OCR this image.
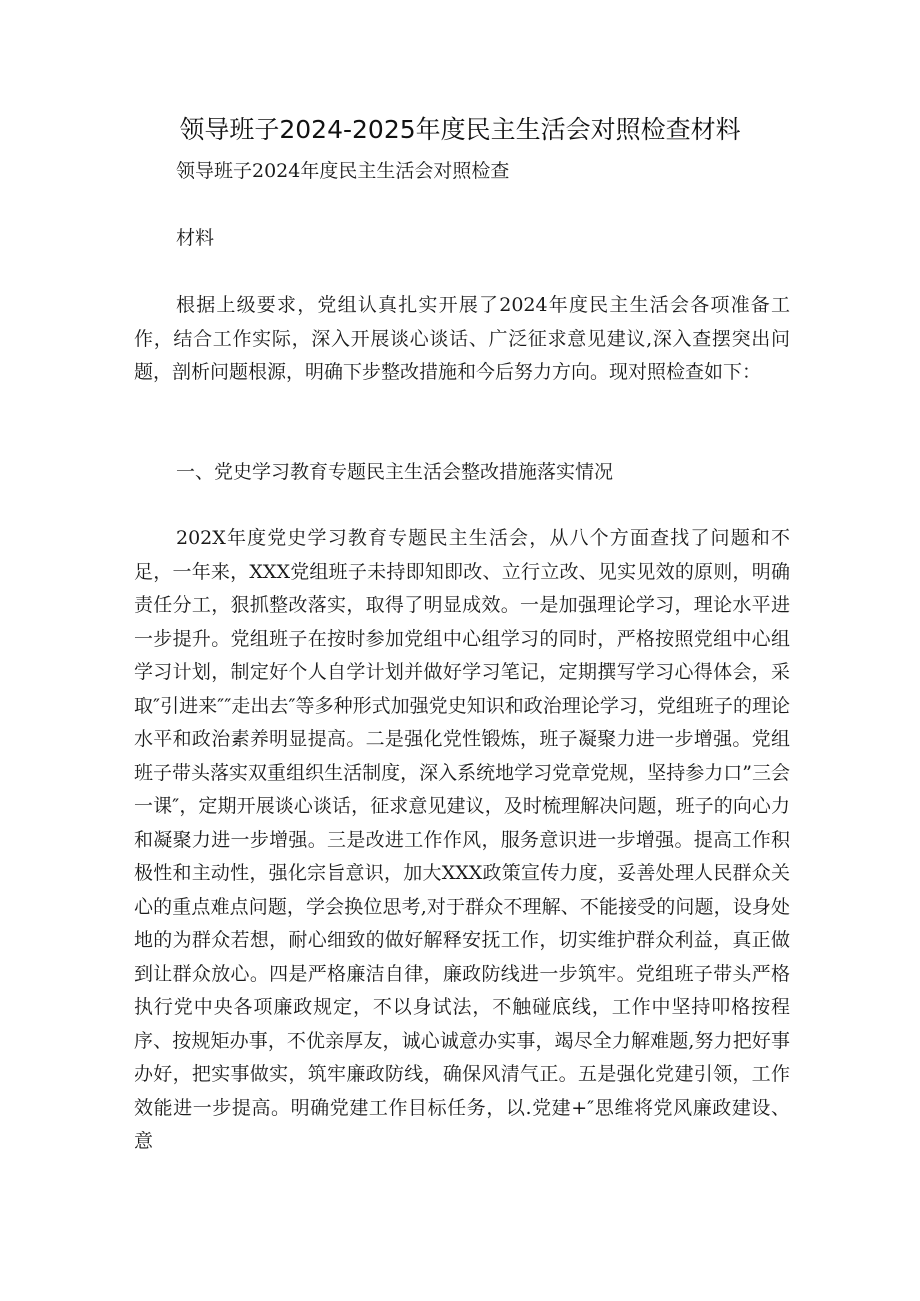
领导班子2024-2025年度民主生活会对照检查材料
领导班子2024年度民主生活会对照检查
材料

根据上级要求，党组认真扎实开展了2024年度民主生活会各项准备工作，结合工作实际，深入开展谈心谈话、广泛征求意见建议,深入查摆突出问题，剖析问题根源，明确下步整改措施和今后努力方向。现对照检查如下：

一、党史学习教育专题民主生活会整改措施落实情况

202X年度党史学习教育专题民主生活会，从八个方面查找了问题和不足，一年来，XXX党组班子未持即知即改、立行立改、见实见效的原则，明确责任分工，狠抓整改落实，取得了明显成效。一是加强理论学习，理论水平进一步提升。党组班子在按时参加党组中心组学习的同时，严格按照党组中心组学习计划，制定好个人自学计划并做好学习笔记，定期撰写学习心得体会，采取″引进来″″走出去″等多种形式加强党史知识和政治理论学习，党组班子的理论水平和政治素养明显提高。二是强化党性锻炼，班子凝聚力进一步增强。党组班子带头落实双重组织生活制度，深入系统地学习党章党规，坚持参力口”三会一课″，定期开展谈心谈话，征求意见建议，及时梳理解决问题，班子的向心力和凝聚力进一步增强。三是改进工作作风，服务意识进一步增强。提高工作积极性和主动性，强化宗旨意识，加大XXX政策宣传力度，妥善处理人民群众关心的重点难点问题，学会换位思考,对于群众不理解、不能接受的问题，设身处地的为群众若想，耐心细致的做好解释安抚工作，切实维护群众利益，真正做到让群众放心。四是严格廉洁自律，廉政防线进一步筑牢。党组班子带头严格执行党中央各项廉政规定，不以身试法，不触碰底线，工作中坚持叩格按程序、按规矩办事，不优亲厚友，诚心诚意办实事，竭尽全力解难题,努力把好事办好，把实事做实，筑牢廉政防线，确保风清气正。五是强化党建引领，工作效能进一步提高。明确党建工作目标任务，以.党建+″思维将党风廉政建设、意
